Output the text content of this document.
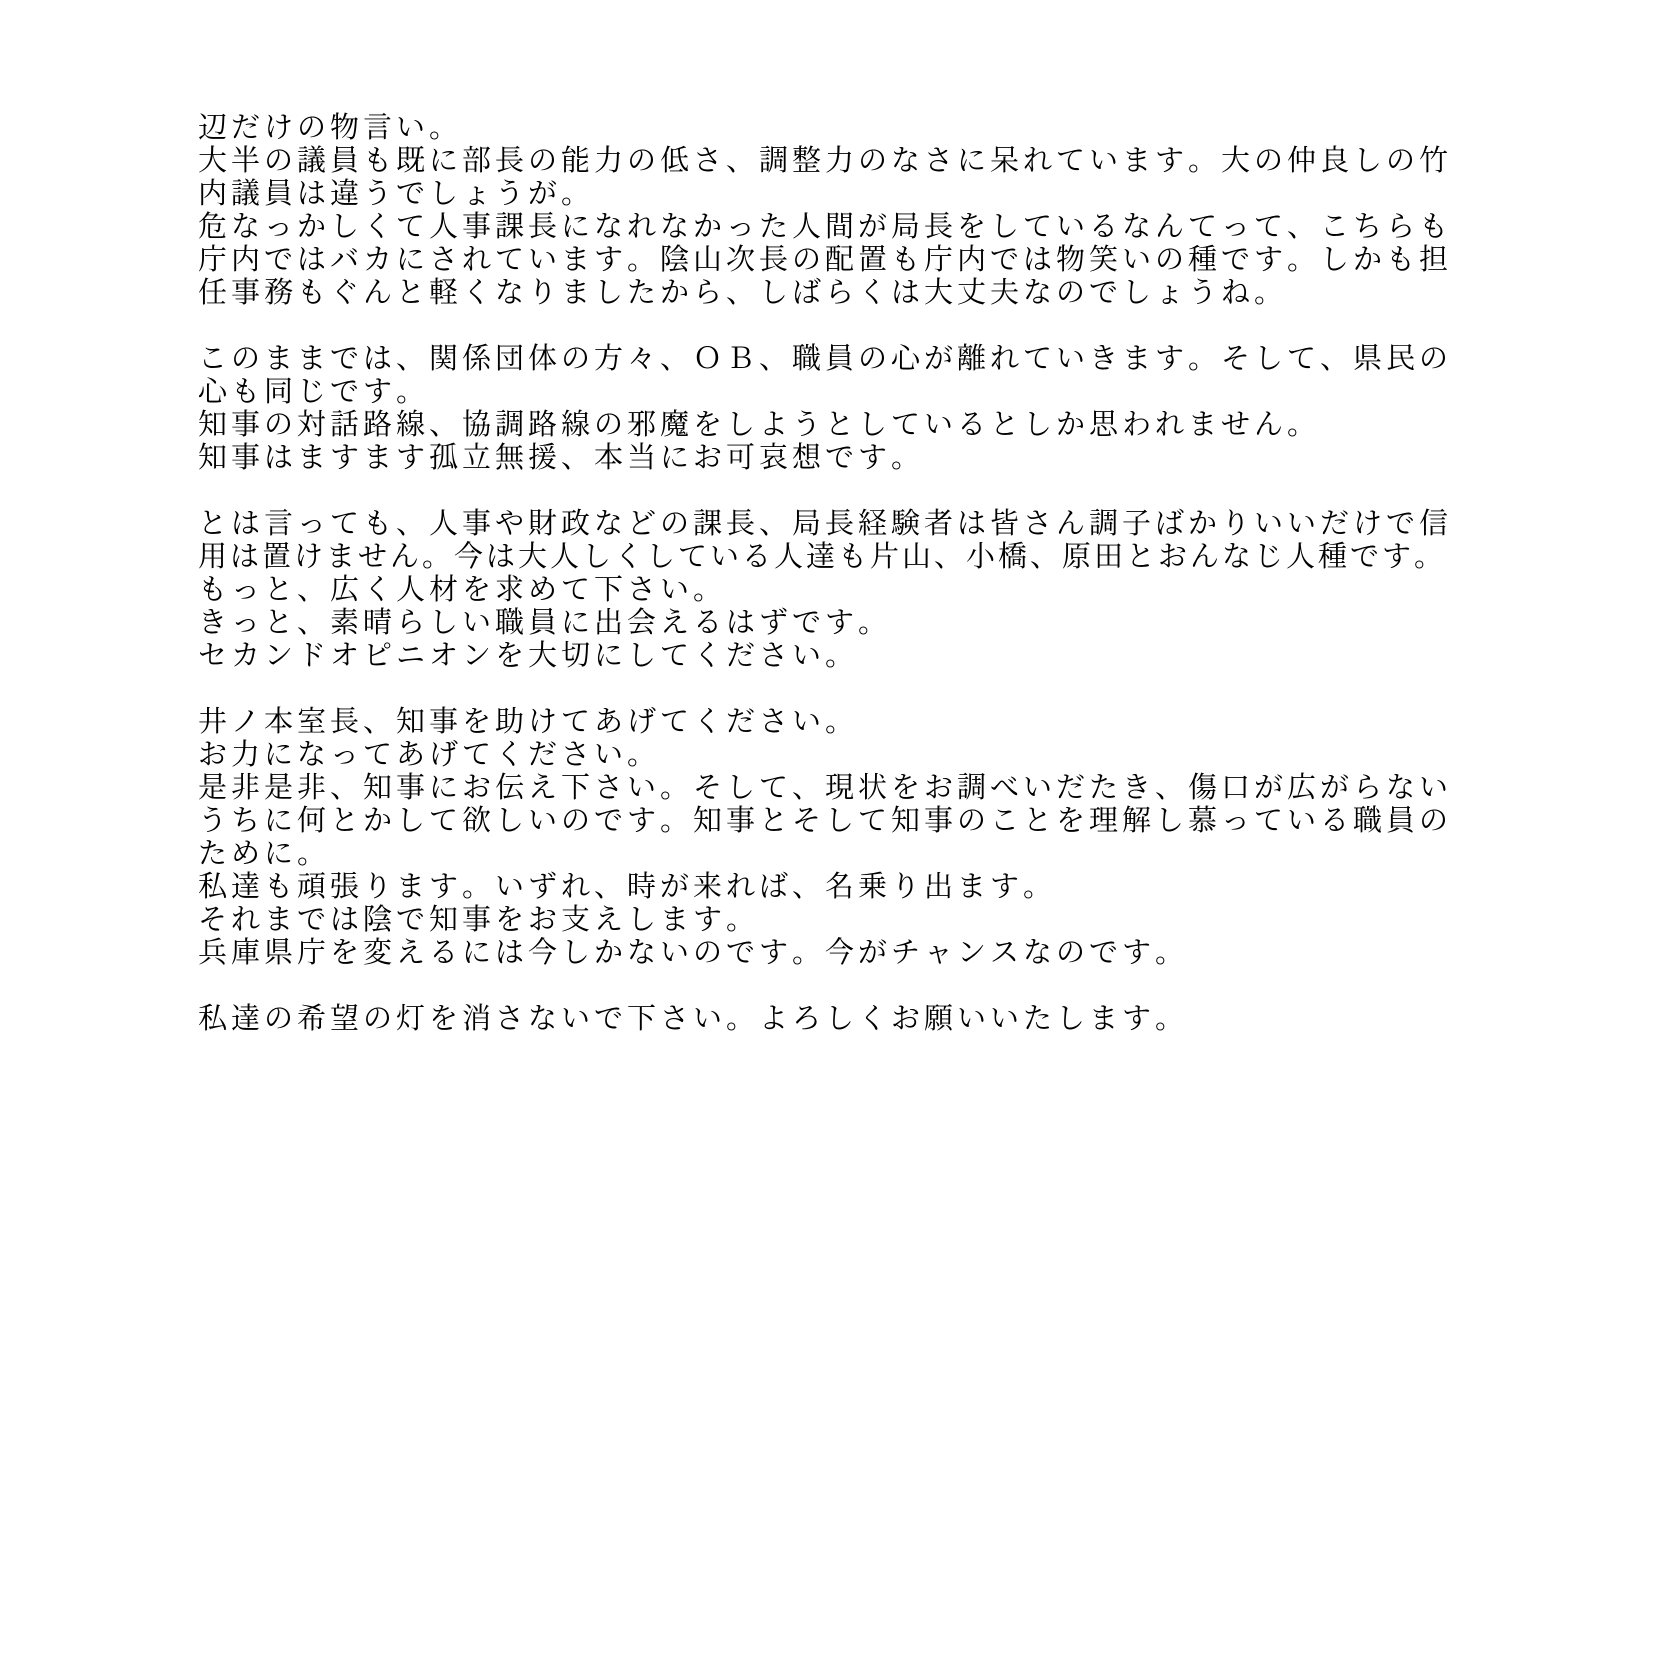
辺だけの物言い。
大半の議員も既に部長の能力の低さ、調整力のなさに呆れています。大の仲良しの竹
内議員は違うでしょうが。
危なっかしくて人事課長になれなかった人間が局長をしているなんてって、こちらも
庁内ではバカにされています。陰山次長の配置も庁内では物笑いの種です。しかも担
任事務もぐんと軽くなりましたから、しばらくは大丈夫なのでしょうね。
このままでは、関係団体の方々、ＯＢ、職員の心が離れていきます。そして、県民の
心も同じです。
知事の対話路線、協調路線の邪魔をしようとしているとしか思われません。
知事はますます孤立無援、本当にお可哀想です。
とは言っても、人事や財政などの課長、局長経験者は皆さん調子ばかりいいだけで信
用は置けません。今は大人しくしている人達も片山、小橋、原田とおんなじ人種です。
もっと、広く人材を求めて下さい。
きっと、素晴らしい職員に出会えるはずです。
セカンドオピニオンを大切にしてください。
井ノ本室長、知事を助けてあげてください。
お力になってあげてください。
是非是非、知事にお伝え下さい。そして、現状をお調べいだたき、傷口が広がらない
うちに何とかして欲しいのです。知事とそして知事のことを理解し慕っている職員の
ために。
私達も頑張ります。いずれ、時が来れば、名乗り出ます。
それまでは陰で知事をお支えします。
兵庫県庁を変えるには今しかないのです。今がチャンスなのです。
私達の希望の灯を消さないで下さい。よろしくお願いいたします。
